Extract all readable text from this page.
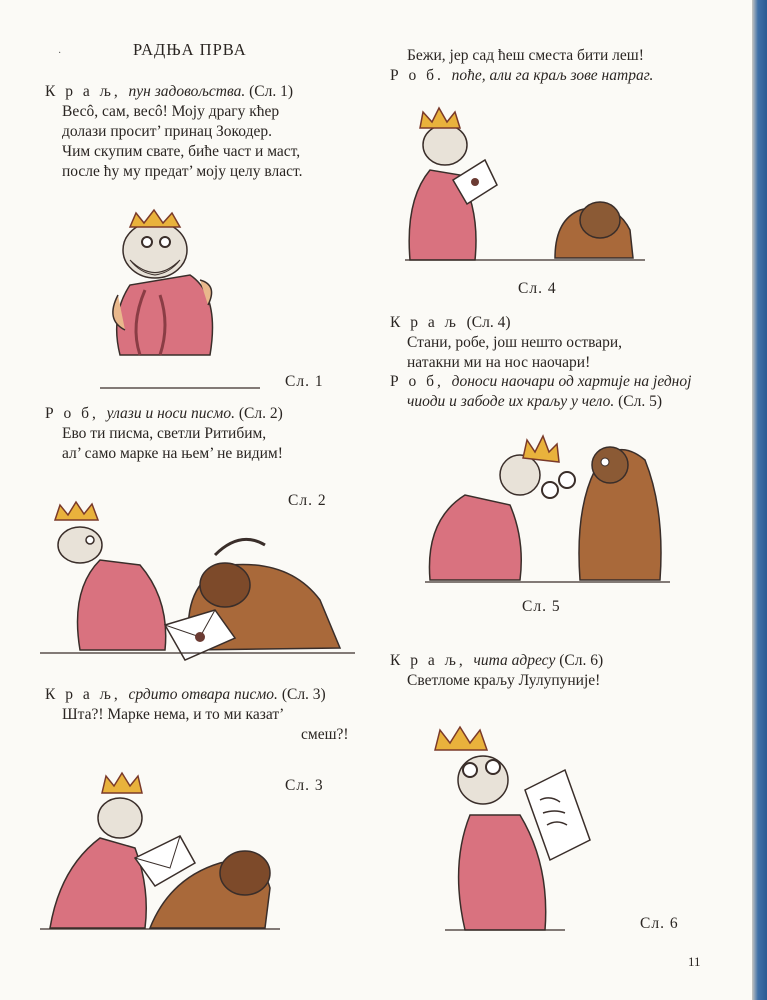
РАДЊА ПРВА
К р а љ, пун задовољства. (Сл. 1)
Весô, сам, весô! Мојy драгy кћер
долази просит’ принац Зокодер.
Чим скупим свате, биће част и маст,
после ћу му предат’ мојy целу власт.
Сл. 1
Р о б, улази и носи писмо. (Сл. 2)
Ево ти писма, светли Ритибим,
ал’ само марке на њем’ не видим!
Сл. 2
К р а љ, срдито отвара писмо. (Сл. 3)
Шта?! Марке нема, и то ми казат’
смеш?!
Сл. 3
Бежи, јер сад ћеш сместа бити леш!
Р о б. поће, али га краљ зове натраг.
·
Сл. 4
К р а љ (Сл. 4)
Стани, робе, још нешто оствари,
натакни ми на нос наочари!
Р о б, доноси наочари од хартије на једној
чиоди и забоде их краљу у чело. (Сл. 5)
Сл. 5
К р а љ, чита адресу (Сл. 6)
Светломе краљу Лулупуније!
Сл. 6
11
